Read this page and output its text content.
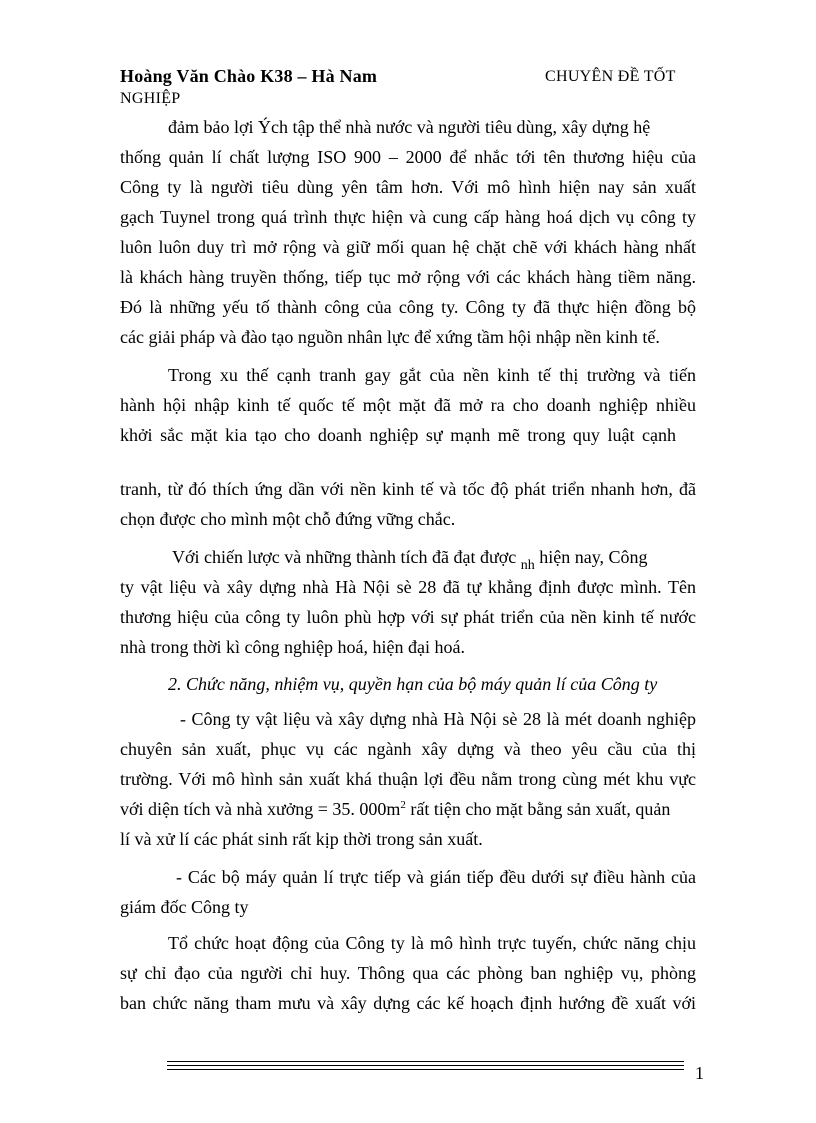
Hoàng Văn Chào K38 – Hà Nam	CHUYÊN ĐỀ TỐT
NGHIỆP
đảm bảo lợi Ých tập thể nhà nước và người tiêu dùng, xây dựng hệ
thống quản lí chất lượng ISO 900 – 2000 để nhắc tới tên thương hiệu của
Công ty là người tiêu dùng yên tâm hơn. Với mô hình hiện nay sản xuất
gạch Tuynel trong quá trình thực hiện và cung cấp hàng hoá dịch vụ công ty
luôn luôn duy trì mở rộng và giữ mối quan hệ chặt chẽ với khách hàng nhất
là khách hàng truyền thống, tiếp tục mở rộng với các khách hàng tiềm năng.
Đó là những yếu tố thành công của công ty. Công ty đã thực hiện đồng bộ
các giải pháp và đào tạo nguồn nhân lực để xứng tầm hội nhập nền kinh tế.
Trong xu thế cạnh tranh gay gắt của nền kinh tế thị trường và tiến
hành hội nhập kinh tế quốc tế một mặt đã mở ra cho doanh nghiệp nhiều
khởi sắc mặt kia tạo cho doanh nghiệp sự mạnh mẽ trong quy luật cạnh
tranh, từ đó thích ứng dần với nền kinh tế và tốc độ phát triển nhanh hơn, đã
chọn được cho mình một chỗ đứng vững chắc.
Với chiến lược và những thành tích đã đạt được $_{nh}$ hiện nay, Công
ty vật liệu và xây dựng nhà Hà Nội sè 28 đã tự khẳng định được mình. Tên
thương hiệu của công ty luôn phù hợp với sự phát triển của nền kinh tế nước
nhà trong thời kì công nghiệp hoá, hiện đại hoá.
2. Chức năng, nhiệm vụ, quyền hạn của bộ máy quản lí của Công ty
- Công ty vật liệu và xây dựng nhà Hà Nội sè 28 là mét doanh nghiệp
chuyên sản xuất, phục vụ các ngành xây dựng và theo yêu cầu của thị
trường. Với mô hình sản xuất khá thuận lợi đều nằm trong cùng mét khu vực
với diện tích và nhà xưởng = 35. $000m^2$ rất tiện cho mặt bằng sản xuất, quản
lí và xử lí các phát sinh rất kịp thời trong sản xuất.
- Các bộ máy quản lí trực tiếp và gián tiếp đều dưới sự điều hành của
giám đốc Công ty
Tổ chức hoạt động của Công ty là mô hình trực tuyến, chức năng chịu
sự chỉ đạo của người chỉ huy. Thông qua các phòng ban nghiệp vụ, phòng
ban chức năng tham mưu và xây dựng các kế hoạch định hướng đề xuất với
1
